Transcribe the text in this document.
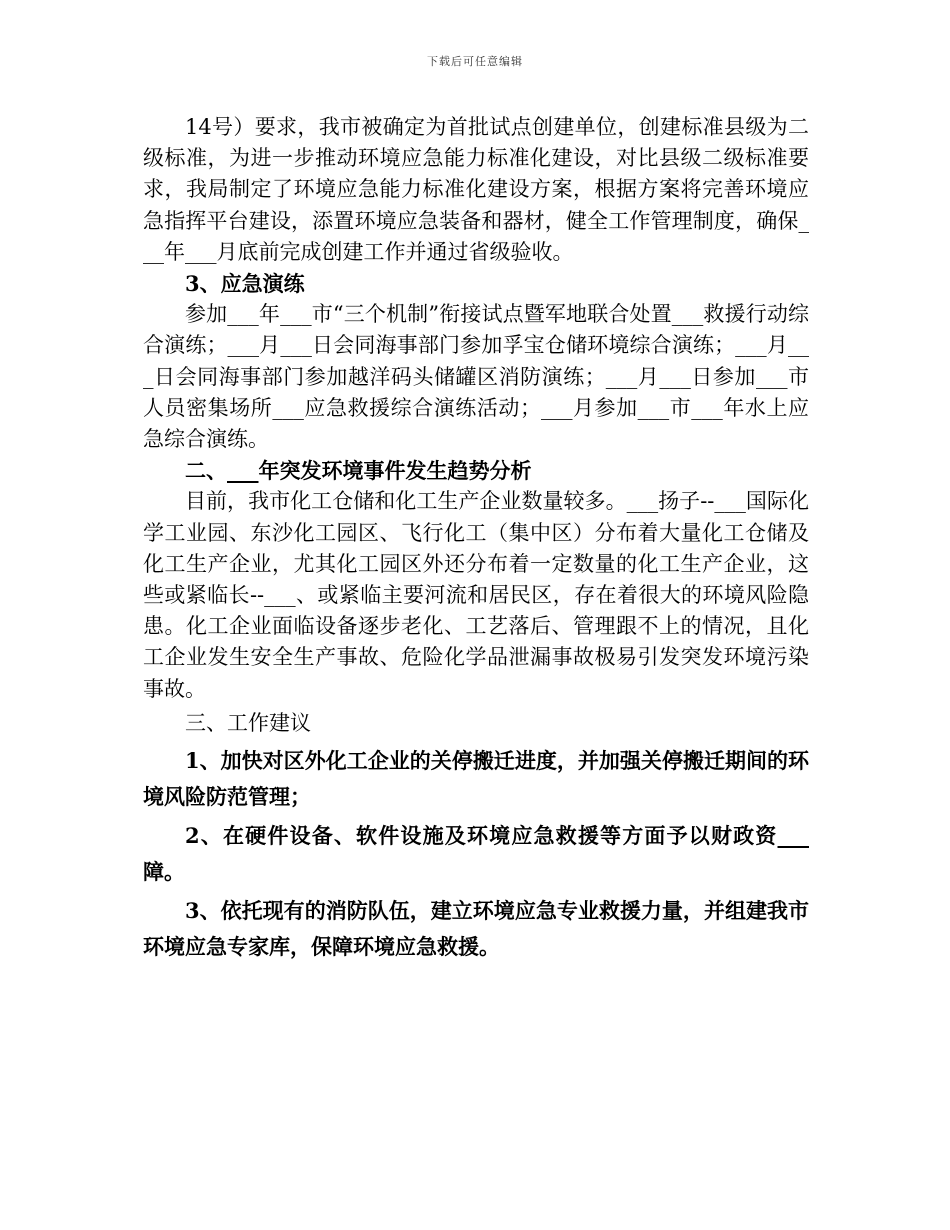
下载后可任意编辑

14号）要求，我市被确定为首批试点创建单位，创建标准县级为二级标准，为进一步推动环境应急能力标准化建设，对比县级二级标准要求，我局制定了环境应急能力标准化建设方案，根据方案将完善环境应急指挥平台建设，添置环境应急装备和器材，健全工作管理制度，确保___年___月底前完成创建工作并通过省级验收。

3、应急演练

参加___年___市“三个机制”衔接试点暨军地联合处置___救援行动综合演练；___月___日会同海事部门参加孚宝仓储环境综合演练；___月___日会同海事部门参加越洋码头储罐区消防演练；___月___日参加___市人员密集场所___应急救援综合演练活动；___月参加___市___年水上应急综合演练。

二、___年突发环境事件发生趋势分析

目前，我市化工仓储和化工生产企业数量较多。___扬子--___国际化学工业园、东沙化工园区、飞行化工（集中区）分布着大量化工仓储及化工生产企业，尤其化工园区外还分布着一定数量的化工生产企业，这些或紧临长--___、或紧临主要河流和居民区，存在着很大的环境风险隐患。化工企业面临设备逐步老化、工艺落后、管理跟不上的情况，且化工企业发生安全生产事故、危险化学品泄漏事故极易引发突发环境污染事故。

三、工作建议

1、加快对区外化工企业的关停搬迁进度，并加强关停搬迁期间的环境风险防范管理；

2、在硬件设备、软件设施及环境应急救援等方面予以财政资___障。

3、依托现有的消防队伍，建立环境应急专业救援力量，并组建我市环境应急专家库，保障环境应急救援。
